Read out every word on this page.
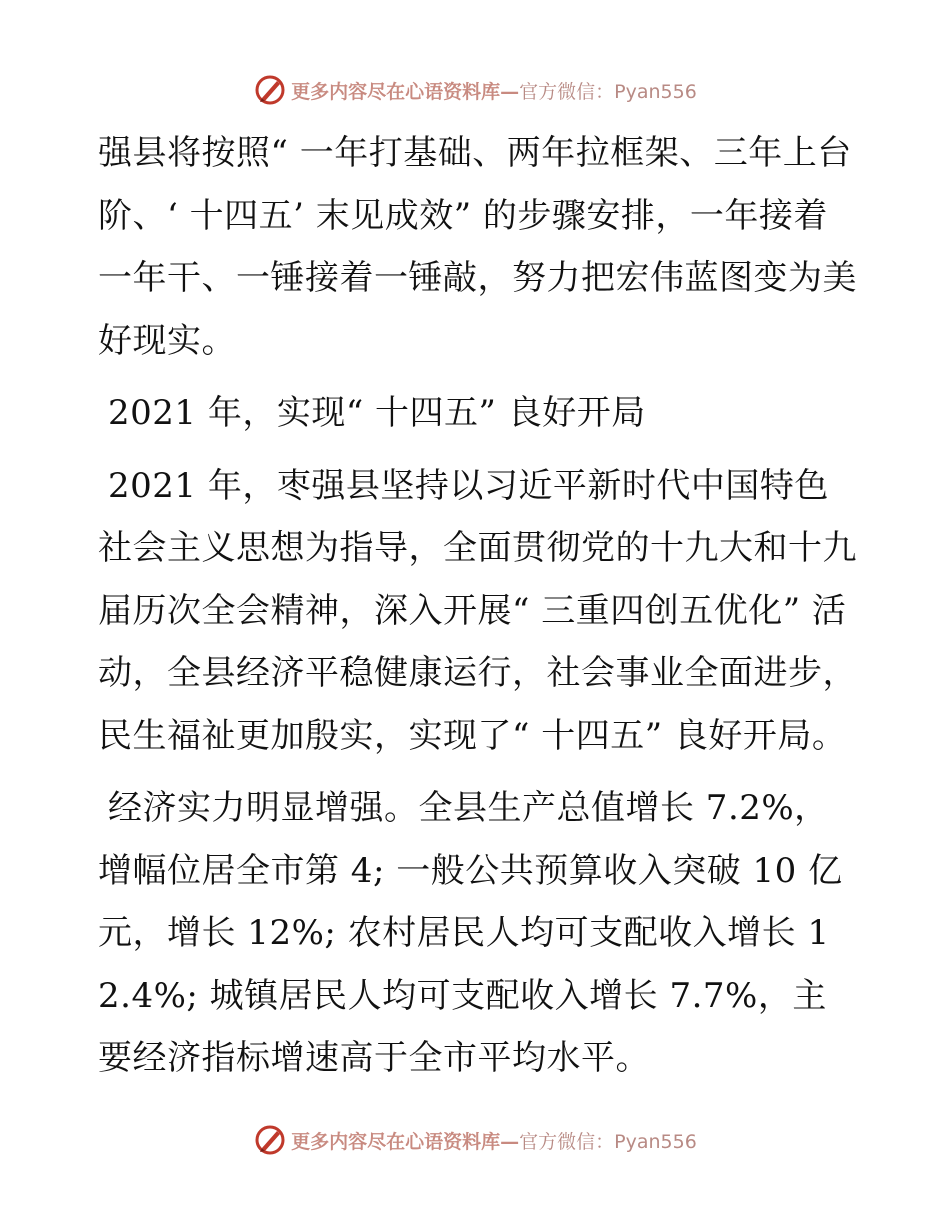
更多内容尽在心语资料库— 官方微信：Pyan556

强县将按照“ 一年打基础、两年拉框架、三年上台阶、‘ 十四五’ 末见成效” 的步骤安排，一年接着一年干、一锤接着一锤敲，努力把宏伟蓝图变为美好现实。

2021 年，实现“ 十四五” 良好开局

2021 年，枣强县坚持以习近平新时代中国特色社会主义思想为指导，全面贯彻党的十九大和十九届历次全会精神，深入开展“ 三重四创五优化” 活动，全县经济平稳健康运行，社会事业全面进步，民生福祉更加殷实，实现了“ 十四五” 良好开局。

经济实力明显增强。全县生产总值增长 7.2%，增幅位居全市第 4; 一般公共预算收入突破 10 亿元，增长 12%; 农村居民人均可支配收入增长 12.4%; 城镇居民人均可支配收入增长 7.7%，主要经济指标增速高于全市平均水平。

更多内容尽在心语资料库— 官方微信：Pyan556
